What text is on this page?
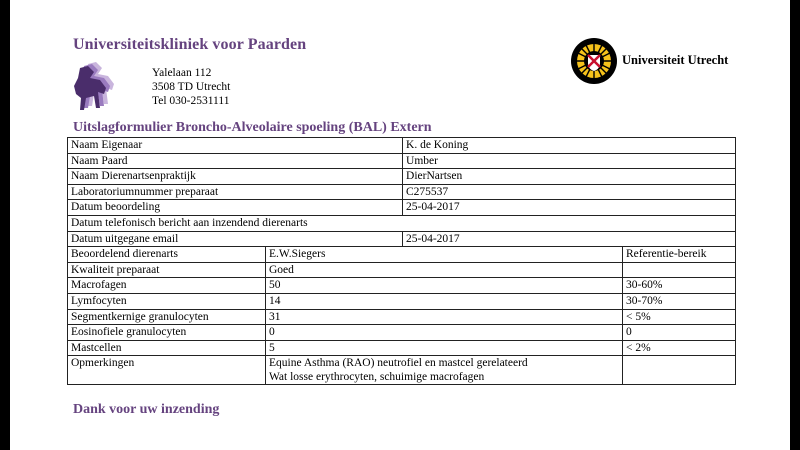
Universiteitskliniek voor Paarden
Yalelaan 112
3508 TD Utrecht
Tel 030-2531111
Universiteit Utrecht
Uitslagformulier Broncho-Alveolaire spoeling (BAL) Extern
Naam Eigenaar		K. de Koning	
Naam Paard		Umber	
Naam Dierenartsenpraktijk		DierNartsen	
Laboratoriumnummer preparaat		C275537	
Datum beoordeling		25-04-2017	
Datum telefonisch bericht aan inzendend dierenarts			
Datum uitgegane email		25-04-2017	
Beoordelend dierenarts	E.W.Siegers		Referentie-bereik
Kwaliteit preparaat	Goed		
Macrofagen	50		30-60%
Lymfocyten	14		30-70%
Segmentkernige granulocyten	31		< 5%
Eosinofiele granulocyten	0		0
Mastcellen	5		< 2%
Opmerkingen	Equine Asthma (RAO) neutrofiel en mastcel gerelateerd
Wat losse erythrocyten, schuimige macrofagen		

Dank voor uw inzending
